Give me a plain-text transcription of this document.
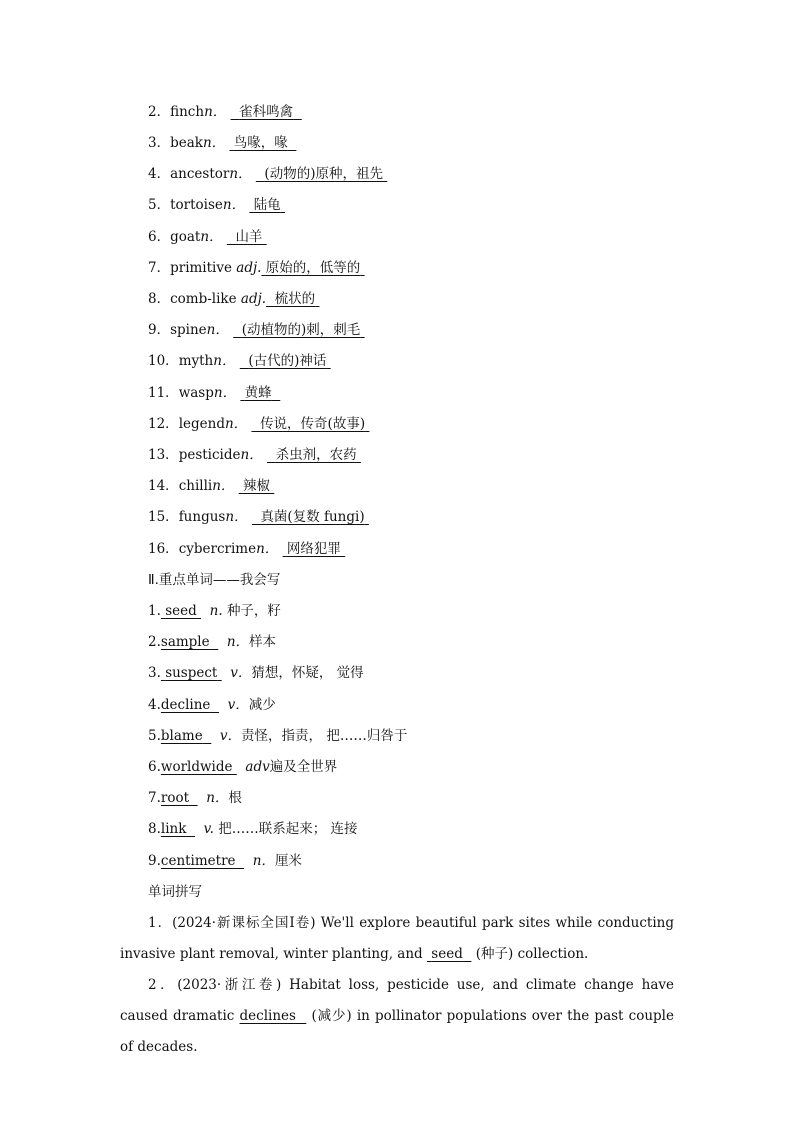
2．finchn． 雀科鸣禽
3．beakn． 鸟喙，喙
4．ancestorn． (动物的)原种，祖先
5．tortoisen． 陆龟
6．goatn． 山羊
7．primitive adj. 原始的，低等的
8．comb-like adj. 梳状的
9．spinen． (动植物的)刺，刺毛
10．mythn． (古代的)神话
11．waspn． 黄蜂
12．legendn． 传说，传奇(故事)
13．pesticiden． 杀虫剂，农药
14．chillin． 辣椒
15．fungusn． 真菌(复数 fungi)
16．cybercrimen． 网络犯罪
Ⅱ.重点单词——我会写
1. seed n. 种子，籽
2.sample n．样本
3. suspect v．猜想，怀疑， 觉得
4.decline v．减少
5.blame v．责怪，指责， 把……归咎于
6.worldwide adv遍及全世界
7.root n．根
8.link v. 把……联系起来； 连接
9.centimetre n．厘米
单词拼写
1．(2024·新课标全国Ⅰ卷) We'll explore beautiful park sites while conducting invasive plant removal, winter planting, and  seed (种子) collection.
2．(2023·浙江卷) Habitat loss, pesticide use, and climate change have caused dramatic declines (减少) in pollinator populations over the past couple of decades.
